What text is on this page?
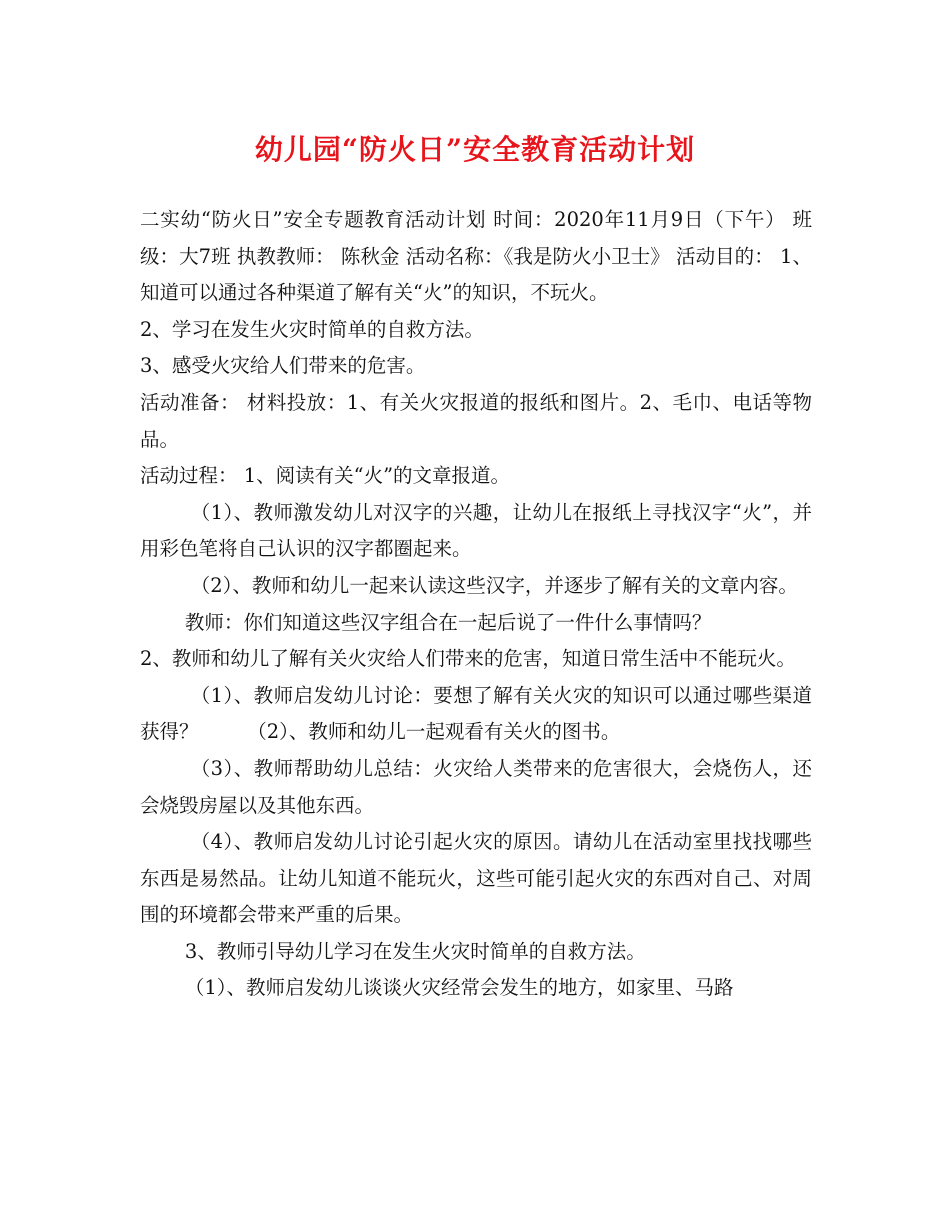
幼儿园“防火日”安全教育活动计划

二实幼“防火日”安全专题教育活动计划 时间：2020年11月9日（下午） 班级：大7班 执教教师： 陈秋金 活动名称：《我是防火小卫士》 活动目的： 1、知道可以通过各种渠道了解有关“火”的知识，不玩火。

2、学习在发生火灾时简单的自救方法。

3、感受火灾给人们带来的危害。

活动准备： 材料投放：1、有关火灾报道的报纸和图片。2、毛巾、电话等物品。

活动过程： 1、阅读有关“火”的文章报道。

（1）、教师激发幼儿对汉字的兴趣，让幼儿在报纸上寻找汉字“火”，并用彩色笔将自己认识的汉字都圈起来。

（2）、教师和幼儿一起来认读这些汉字，并逐步了解有关的文章内容。

教师：你们知道这些汉字组合在一起后说了一件什么事情吗？

2、教师和幼儿了解有关火灾给人们带来的危害，知道日常生活中不能玩火。

（1）、教师启发幼儿讨论：要想了解有关火灾的知识可以通过哪些渠道获得？　　　（2）、教师和幼儿一起观看有关火的图书。

（3）、教师帮助幼儿总结：火灾给人类带来的危害很大，会烧伤人，还会烧毁房屋以及其他东西。

（4）、教师启发幼儿讨论引起火灾的原因。请幼儿在活动室里找找哪些东西是易然品。让幼儿知道不能玩火，这些可能引起火灾的东西对自己、对周围的环境都会带来严重的后果。

3、教师引导幼儿学习在发生火灾时简单的自救方法。

（1）、教师启发幼儿谈谈火灾经常会发生的地方，如家里、马路
